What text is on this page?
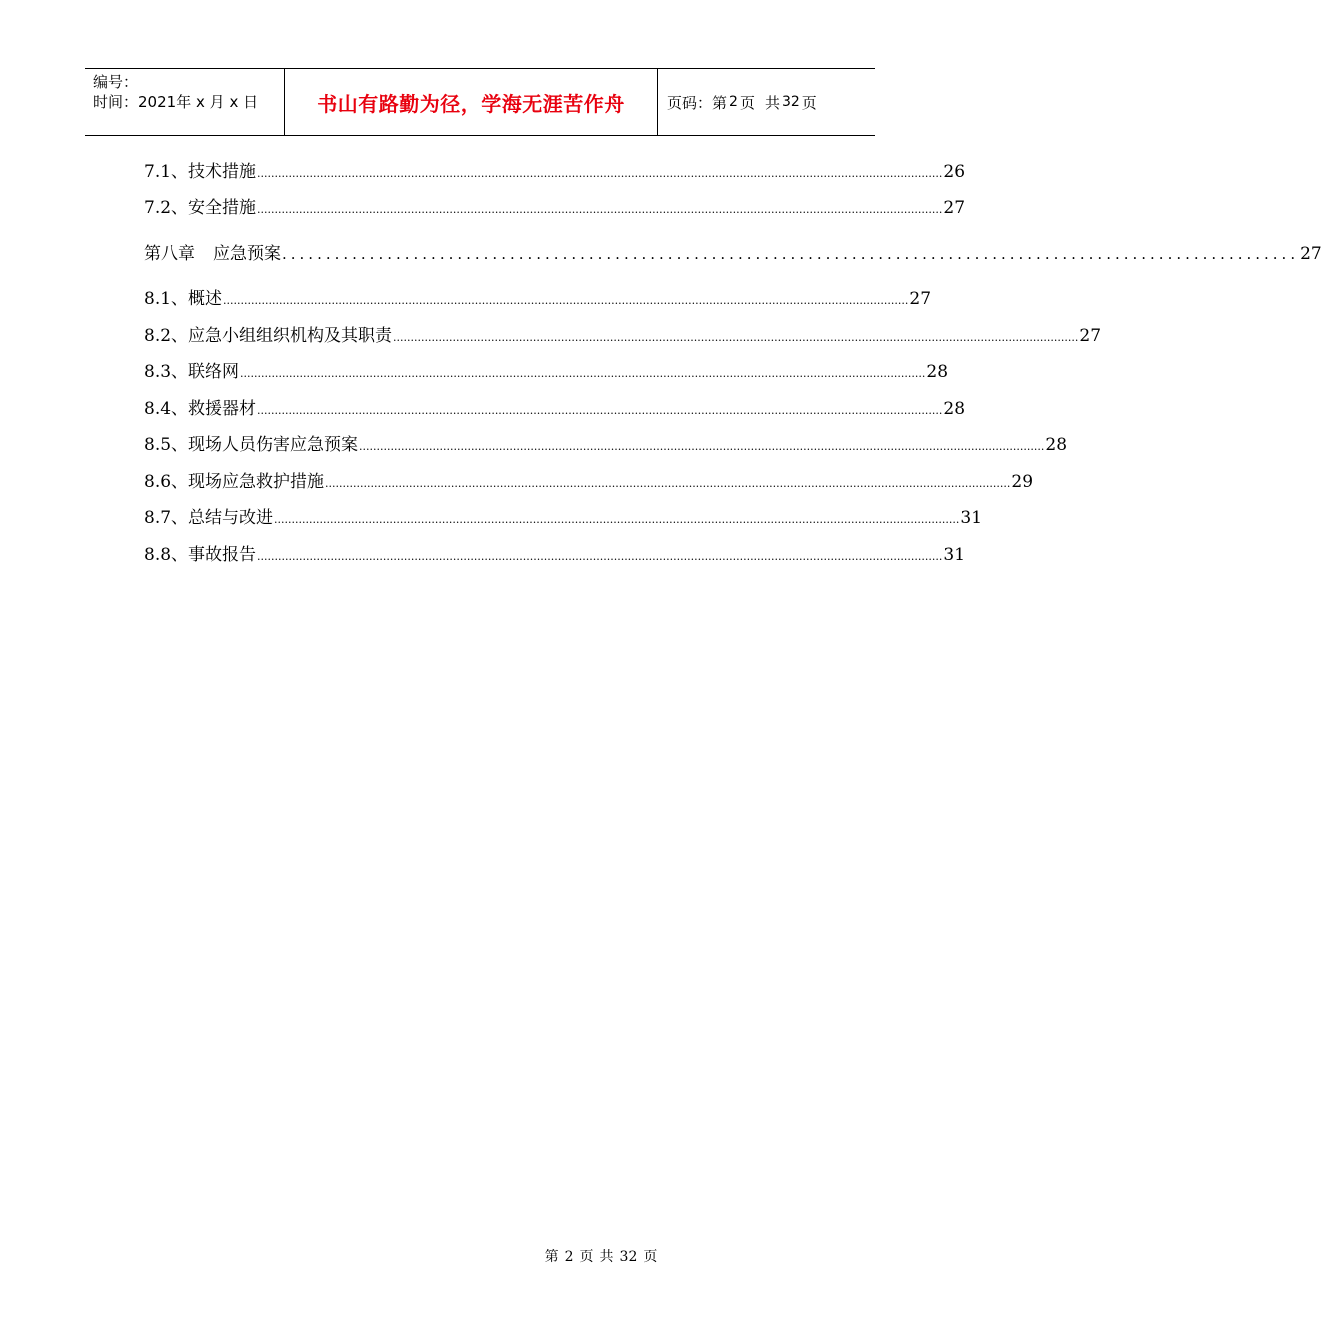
编号：
时间：2021年 x 月 x 日	书山有路勤为径，学海无涯苦作舟	页码：第 2 页 共 32 页
7.1、技术措施 .................................................................................................................................................................................................... 26
7.2、安全措施 .................................................................................................................................................................................................... 27
第八章 应急预案 .................................................................................................................... 27
8.1、概述 .................................................................................................................................................................................................... 27
8.2、应急小组组织机构及其职责 .................................................................................................................................................................................................... 27
8.3、联络网 .................................................................................................................................................................................................... 28
8.4、救援器材 .................................................................................................................................................................................................... 28
8.5、现场人员伤害应急预案 .................................................................................................................................................................................................... 28
8.6、现场应急救护措施 .................................................................................................................................................................................................... 29
8.7、总结与改进 .................................................................................................................................................................................................... 31
8.8、事故报告 .................................................................................................................................................................................................... 31
第 2 页 共 32 页
